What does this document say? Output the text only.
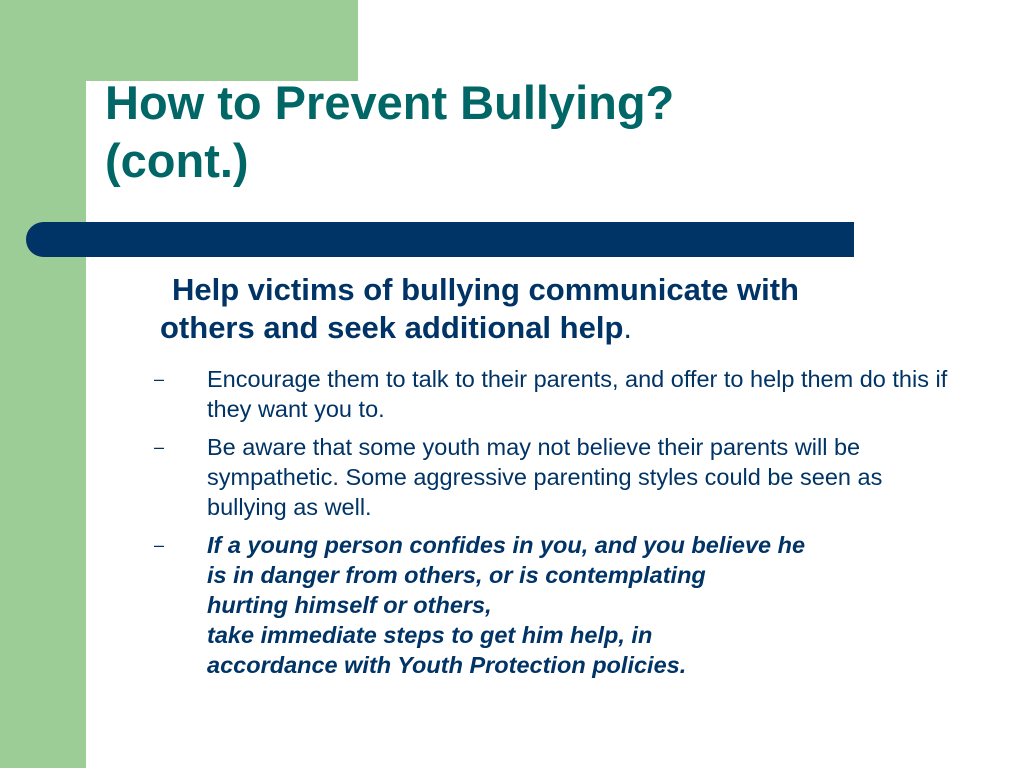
How to Prevent Bullying?
(cont.)

Help victims of bullying communicate with others and seek additional help.

– Encourage them to talk to their parents, and offer to help them do this if they want you to.
– Be aware that some youth may not believe their parents will be sympathetic. Some aggressive parenting styles could be seen as bullying as well.
– If a young person confides in you, and you believe he
is in danger from others, or is contemplating
hurting himself or others,
take immediate steps to get him help, in
accordance with Youth Protection policies.
